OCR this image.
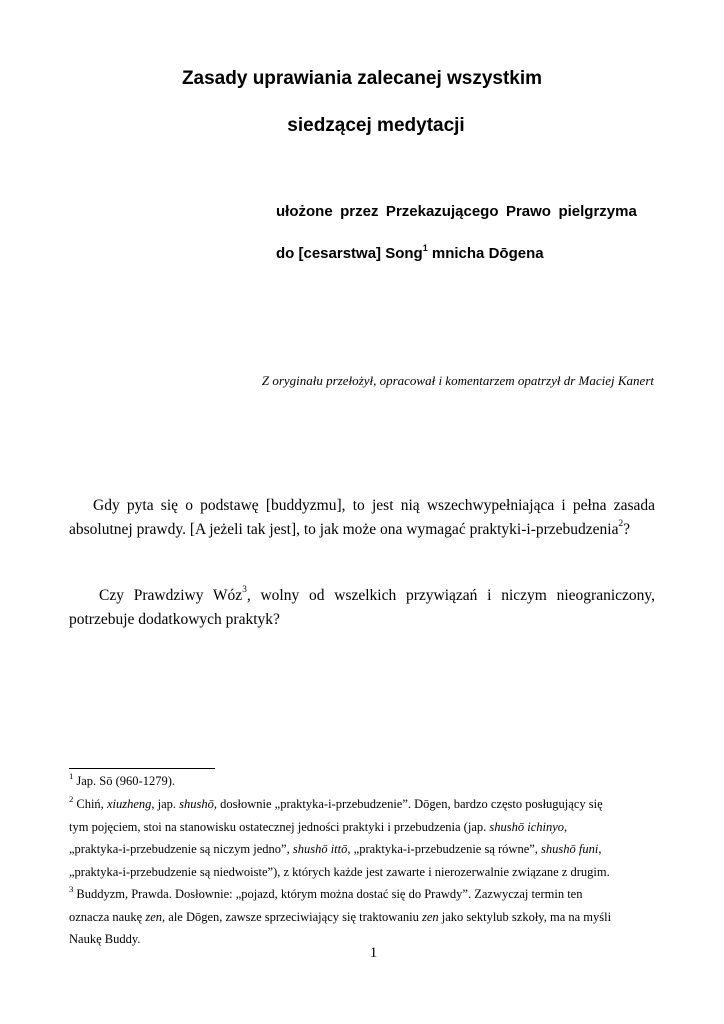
Zasady uprawiania zalecanej wszystkim
siedzącej medytacji
ułożone przez Przekazującego Prawo pielgrzyma
do [cesarstwa] Song$^1$ mnicha Dōgena
Z oryginału przełożył, opracował i komentarzem opatrzył dr Maciej Kanert
Gdy pyta się o podstawę [buddyzmu], to jest nią wszechwypełniająca i pełna zasada
absolutnej prawdy. [A jeżeli tak jest], to jak może ona wymagać praktyki-i-przebudzenia$^2$?
Czy Prawdziwy Wóz$^3$, wolny od wszelkich przywiązań i niczym nieograniczony,
potrzebuje dodatkowych praktyk?
$^1$ Jap. Sō (960-1279).
$^2$ Chiń, xiuzheng, jap. shushō, dosłownie „praktyka-i-przebudzenie”. Dōgen, bardzo często posługujący się
tym pojęciem, stoi na stanowisku ostatecznej jedności praktyki i przebudzenia (jap. shushō ichinyo,
„praktyka-i-przebudzenie są niczym jedno”, shushō ittō, „praktyka-i-przebudzenie są równe”, shushō funi,
„praktyka-i-przebudzenie są niedwoiste”), z których każde jest zawarte i nierozerwalnie związane z drugim.
$^3$ Buddyzm, Prawda. Dosłownie: „pojazd, którym można dostać się do Prawdy”. Zazwyczaj termin ten
oznacza naukę zen, ale Dōgen, zawsze sprzeciwiający się traktowaniu zen jako sektylub szkoły, ma na myśli
Naukę Buddy.
1
